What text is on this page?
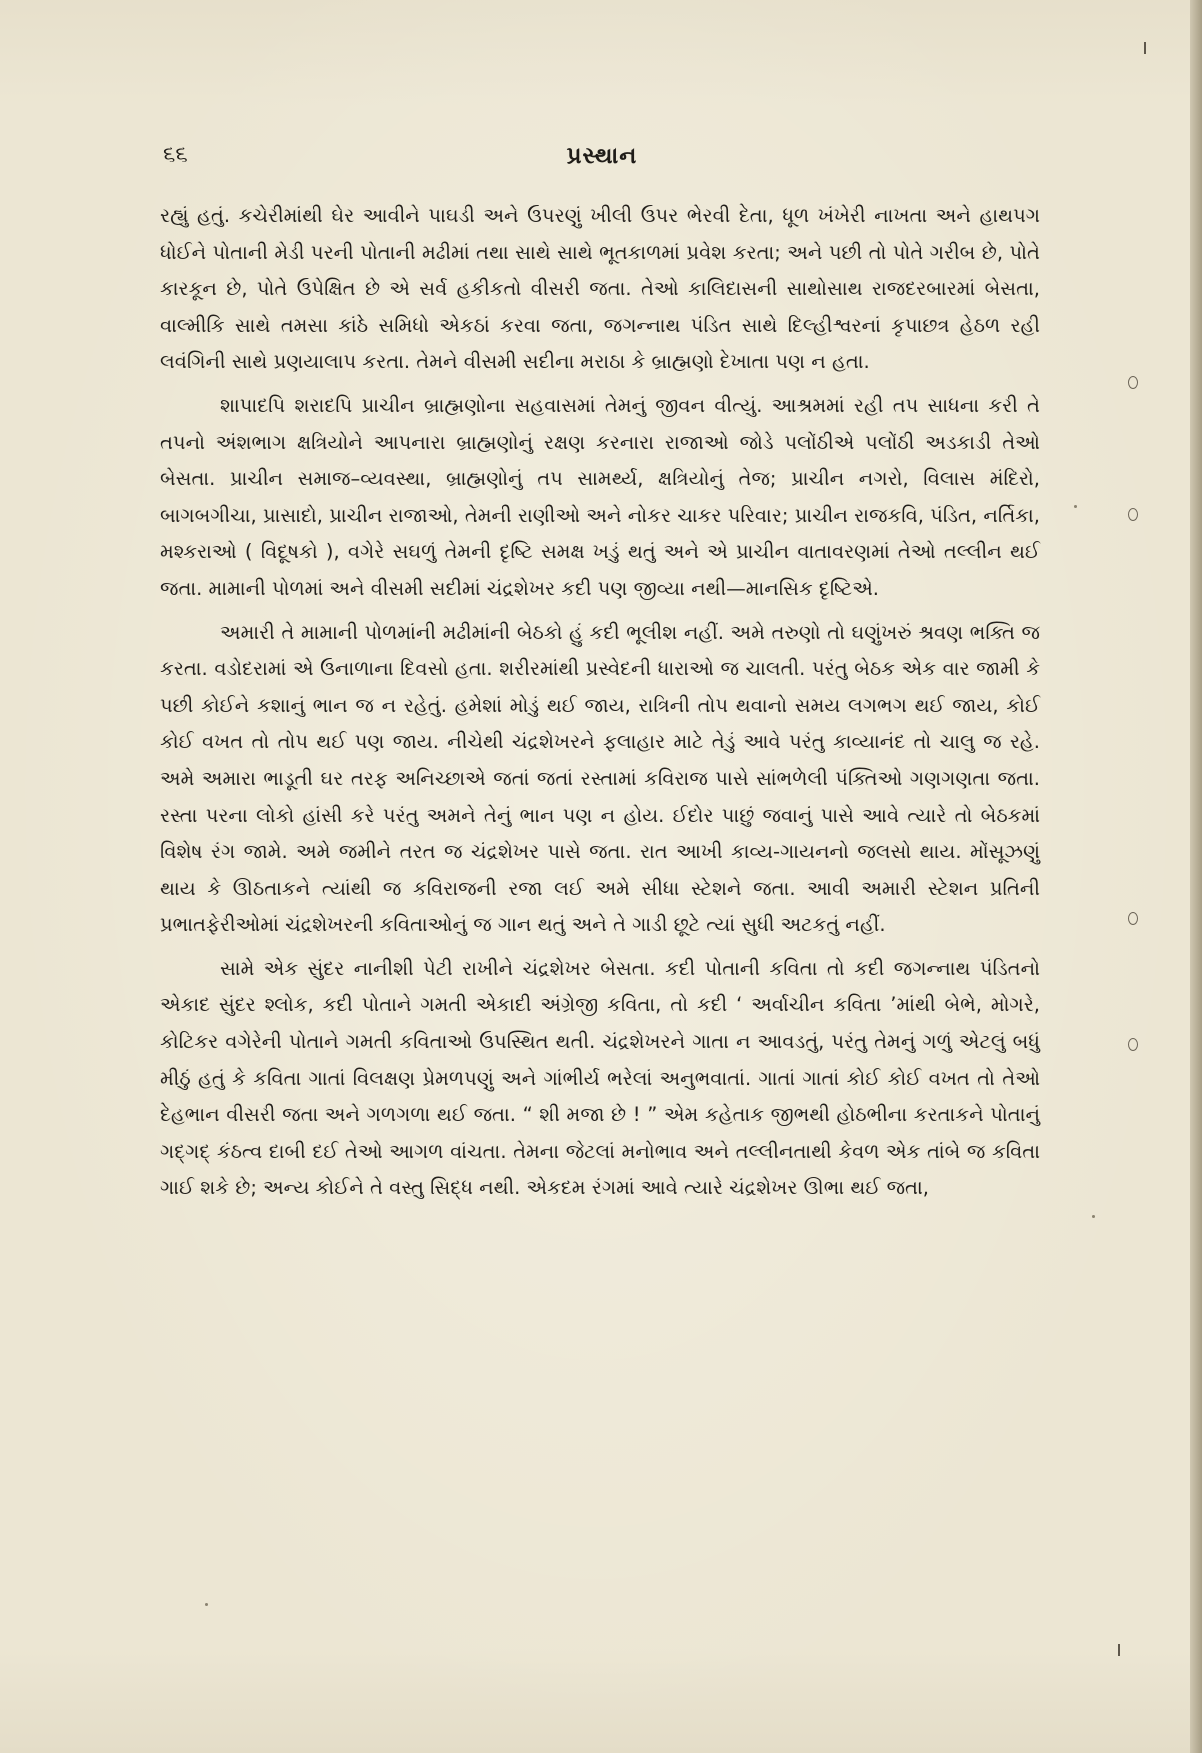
૬૬	પ્રસ્થાન

રહ્યું હતું. કચેરીમાંથી ઘેર આવીને પાઘડી અને ઉપરણું ખીલી ઉપર ભેરવી દેતા, ધૂળ ખંખેરી નાખતા અને હાથપગ ધોઈને પોતાની મેડી પરની પોતાની મઢીમાં તથા સાથે સાથે ભૂતકાળમાં પ્રવેશ કરતા; અને પછી તો પોતે ગરીબ છે, પોતે કારકૂન છે, પોતે ઉપેક્ષિત છે એ સર્વ હકીકતો વીસરી જતા. તેઓ કાલિદાસની સાથોસાથ રાજદરબારમાં બેસતા, વાલ્મીકિ સાથે તમસા કાંઠે સમિધો એકઠાં કરવા જતા, જગન્નાથ પંડિત સાથે દિલ્હીશ્વરનાં કૃપાછત્ર હેઠળ રહી લવંગિની સાથે પ્રણયાલાપ કરતા. તેમને વીસમી સદીના મરાઠા કે બ્રાહ્મણો દેખાતા પણ ન હતા.

શાપાદપિ શરાદપિ પ્રાચીન બ્રાહ્મણોના સહવાસમાં તેમનું જીવન વીત્યું. આશ્રમમાં રહી તપ સાધના કરી તે તપનો અંશભાગ ક્ષત્રિયોને આપનારા બ્રાહ્મણોનું રક્ષણ કરનારા રાજાઓ જોડે પલોંઠીએ પલોંઠી અડકાડી તેઓ બેસતા. પ્રાચીન સમાજ–વ્યવસ્થા, બ્રાહ્મણોનું તપ સામર્થ્ય, ક્ષત્રિયોનું તેજ; પ્રાચીન નગરો, વિલાસ મંદિરો, બાગબગીચા, પ્રાસાદો, પ્રાચીન રાજાઓ, તેમની રાણીઓ અને નોકર ચાકર પરિવાર; પ્રાચીન રાજકવિ, પંડિત, નર્તિકા, મશ્કરાઓ ( વિદૂષકો ), વગેરે સઘળું તેમની દૃષ્ટિ સમક્ષ ખડું થતું અને એ પ્રાચીન વાતાવરણમાં તેઓ તલ્લીન થઈ જતા. મામાની પોળમાં અને વીસમી સદીમાં ચંદ્રશેખર કદી પણ જીવ્યા નથી—માનસિક દૃષ્ટિએ.

અમારી તે મામાની પોળમાંની મઢીમાંની બેઠકો હું કદી ભૂલીશ નહીં. અમે તરુણો તો ઘણુંખરું શ્રવણ ભક્તિ જ કરતા. વડોદરામાં એ ઉનાળાના દિવસો હતા. શરીરમાંથી પ્રસ્વેદની ધારાઓ જ ચાલતી. પરંતુ બેઠક એક વાર જામી કે પછી કોઈને કશાનું ભાન જ ન રહેતું. હમેશાં મોડું થઈ જાય, રાત્રિની તોપ થવાનો સમય લગભગ થઈ જાય, કોઈ કોઈ વખત તો તોપ થઈ પણ જાય. નીચેથી ચંદ્રશેખરને ફલાહાર માટે તેડું આવે પરંતુ કાવ્યાનંદ તો ચાલુ જ રહે. અમે અમારા ભાડૂતી ઘર તરફ અનિચ્છાએ જતાં જતાં રસ્તામાં કવિરાજ પાસે સાંભળેલી પંક્તિઓ ગણગણતા જતા. રસ્તા પરના લોકો હાંસી કરે પરંતુ અમને તેનું ભાન પણ ન હોય. ઈદોર પાછું જવાનું પાસે આવે ત્યારે તો બેઠકમાં વિશેષ રંગ જામે. અમે જમીને તરત જ ચંદ્રશેખર પાસે જતા. રાત આખી કાવ્ય-ગાયનનો જલસો થાય. મોંસૂઝણું થાય કે ઊઠતાકને ત્યાંથી જ કવિરાજની રજા લઈ અમે સીધા સ્ટેશને જતા. આવી અમારી સ્ટેશન પ્રતિની પ્રભાતફેરીઓમાં ચંદ્રશેખરની કવિતાઓનું જ ગાન થતું અને તે ગાડી છૂટે ત્યાં સુધી અટકતું નહીં.

સામે એક સુંદર નાનીશી પેટી રાખીને ચંદ્રશેખર બેસતા. કદી પોતાની કવિતા તો કદી જગન્નાથ પંડિતનો એકાદ સુંદર શ્લોક, કદી પોતાને ગમતી એકાદી અંગ્રેજી કવિતા, તો કદી ‘ અર્વાચીન કવિતા ’માંથી બેભે, મોગરે, કોટિકર વગેરેની પોતાને ગમતી કવિતાઓ ઉપસ્થિત થતી. ચંદ્રશેખરને ગાતા ન આવડતું, પરંતુ તેમનું ગળું એટલું બધું મીઠું હતું કે કવિતા ગાતાં વિલક્ષણ પ્રેમળપણું અને ગાંભીર્ય ભરેલાં અનુભવાતાં. ગાતાં ગાતાં કોઈ કોઈ વખત તો તેઓ દેહભાન વીસરી જતા અને ગળગળા થઈ જતા. “ શી મજા છે ! ” એમ કહેતાક જીભથી હોઠભીના કરતાકને પોતાનું ગદ્ગદ્ કંઠત્વ દાબી દઈ તેઓ આગળ વાંચતા. તેમના જેટલાં મનોભાવ અને તલ્લીનતાથી કેવળ એક તાંબે જ કવિતા ગાઈ શકે છે; અન્ય કોઈને તે વસ્તુ સિદ્ધ નથી. એકદમ રંગમાં આવે ત્યારે ચંદ્રશેખર ઊભા થઈ જતા,
